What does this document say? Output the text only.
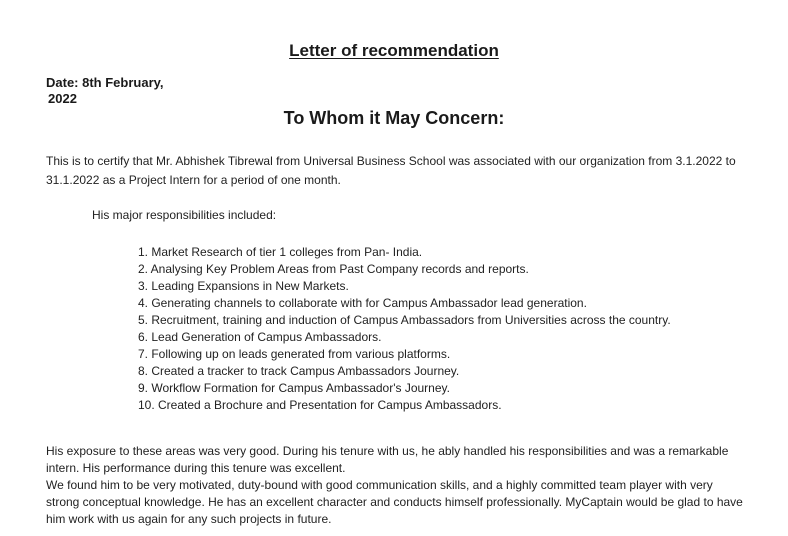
Letter of recommendation
Date: 8th February,
2022
To Whom it May Concern:
This is to certify that Mr. Abhishek Tibrewal from Universal Business School was associated with our organization from 3.1.2022 to 31.1.2022 as a Project Intern for a period of one month.
His major responsibilities included:
1. Market Research of tier 1 colleges from Pan- India.
2. Analysing Key Problem Areas from Past Company records and reports.
3. Leading Expansions in New Markets.
4. Generating channels to collaborate with for Campus Ambassador lead generation.
5. Recruitment, training and induction of Campus Ambassadors from Universities across the country.
6. Lead Generation of Campus Ambassadors.
7. Following up on leads generated from various platforms.
8. Created a tracker to track Campus Ambassadors Journey.
9. Workflow Formation for Campus Ambassador's Journey.
10. Created a Brochure and Presentation for Campus Ambassadors.
His exposure to these areas was very good. During his tenure with us, he ably handled his responsibilities and was a remarkable intern. His performance during this tenure was excellent.
We found him to be very motivated, duty-bound with good communication skills, and a highly committed team player with very strong conceptual knowledge. He has an excellent character and conducts himself professionally. MyCaptain would be glad to have him work with us again for any such projects in future.
